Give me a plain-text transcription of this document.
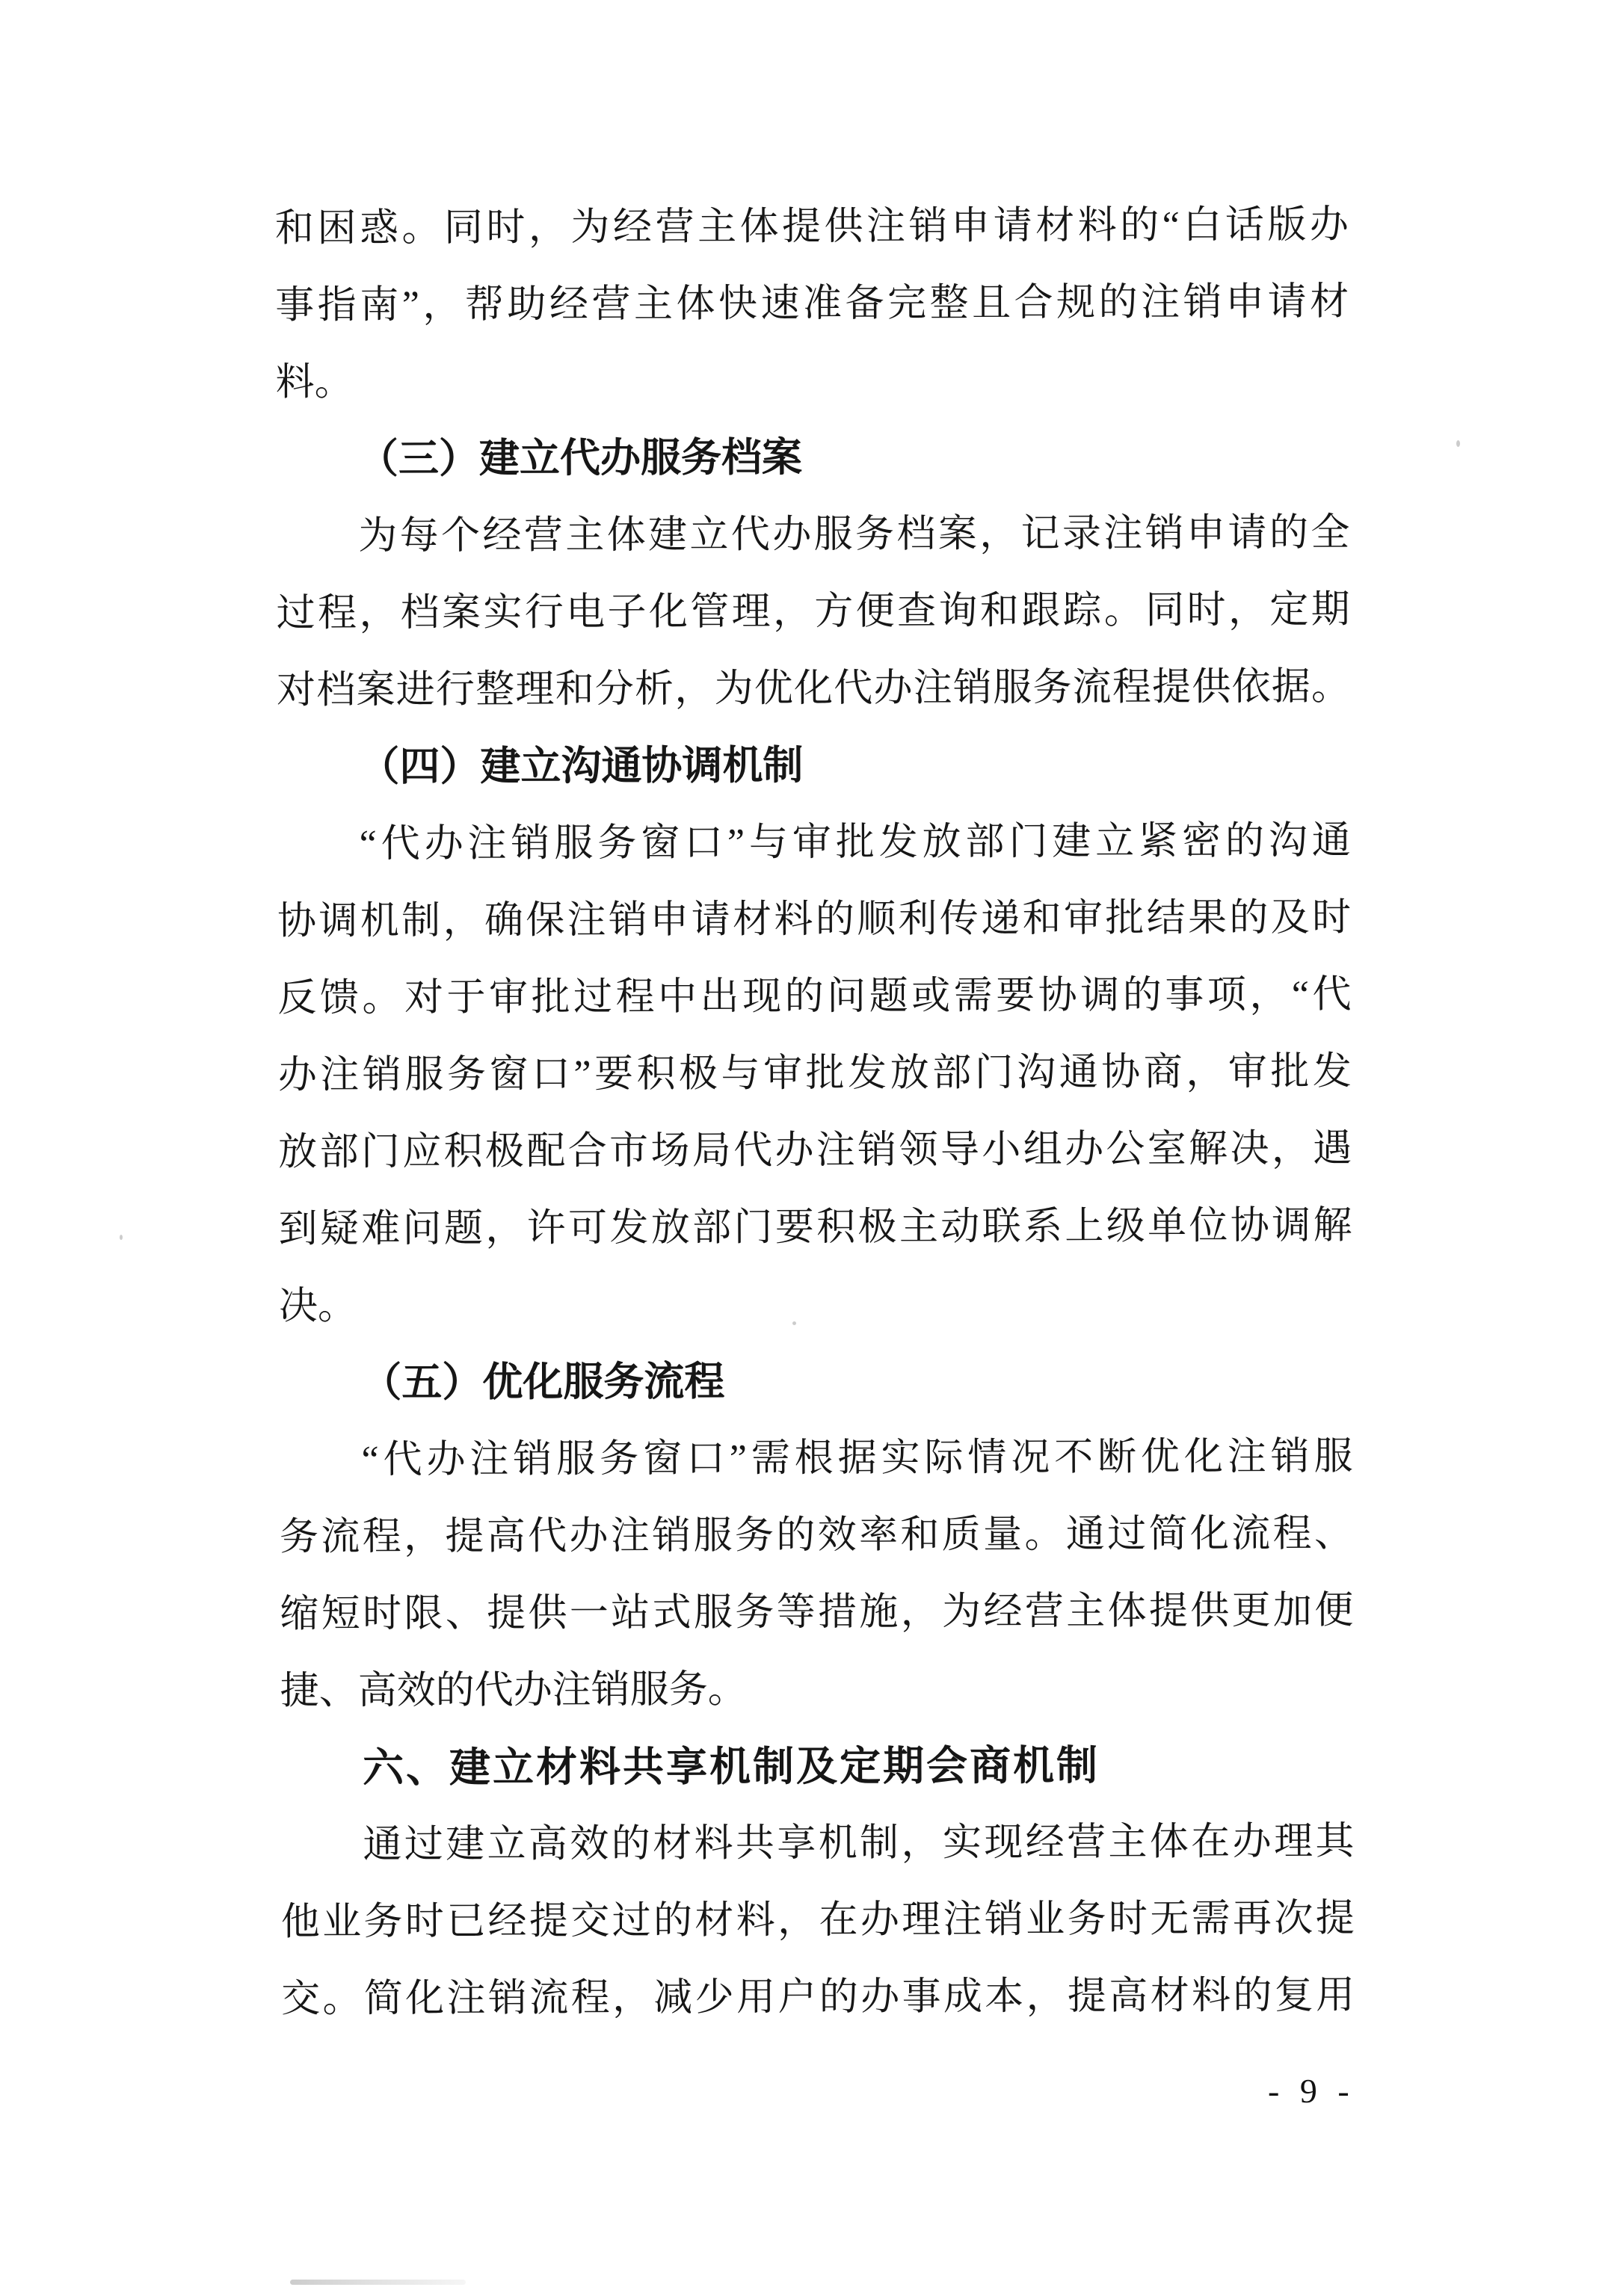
和困惑。同时，为经营主体提供注销申请材料的“白话版办
事指南”，帮助经营主体快速准备完整且合规的注销申请材
料。
（三）建立代办服务档案
为每个经营主体建立代办服务档案，记录注销申请的全
过程，档案实行电子化管理，方便查询和跟踪。同时，定期
对档案进行整理和分析，为优化代办注销服务流程提供依据。
（四）建立沟通协调机制
“代办注销服务窗口”与审批发放部门建立紧密的沟通
协调机制，确保注销申请材料的顺利传递和审批结果的及时
反馈。对于审批过程中出现的问题或需要协调的事项，“代
办注销服务窗口”要积极与审批发放部门沟通协商，审批发
放部门应积极配合市场局代办注销领导小组办公室解决，遇
到疑难问题，许可发放部门要积极主动联系上级单位协调解
决。
（五）优化服务流程
“代办注销服务窗口”需根据实际情况不断优化注销服
务流程，提高代办注销服务的效率和质量。通过简化流程、
缩短时限、提供一站式服务等措施，为经营主体提供更加便
捷、高效的代办注销服务。
六、建立材料共享机制及定期会商机制
通过建立高效的材料共享机制，实现经营主体在办理其
他业务时已经提交过的材料，在办理注销业务时无需再次提
交。简化注销流程，减少用户的办事成本，提高材料的复用
- 9 -
